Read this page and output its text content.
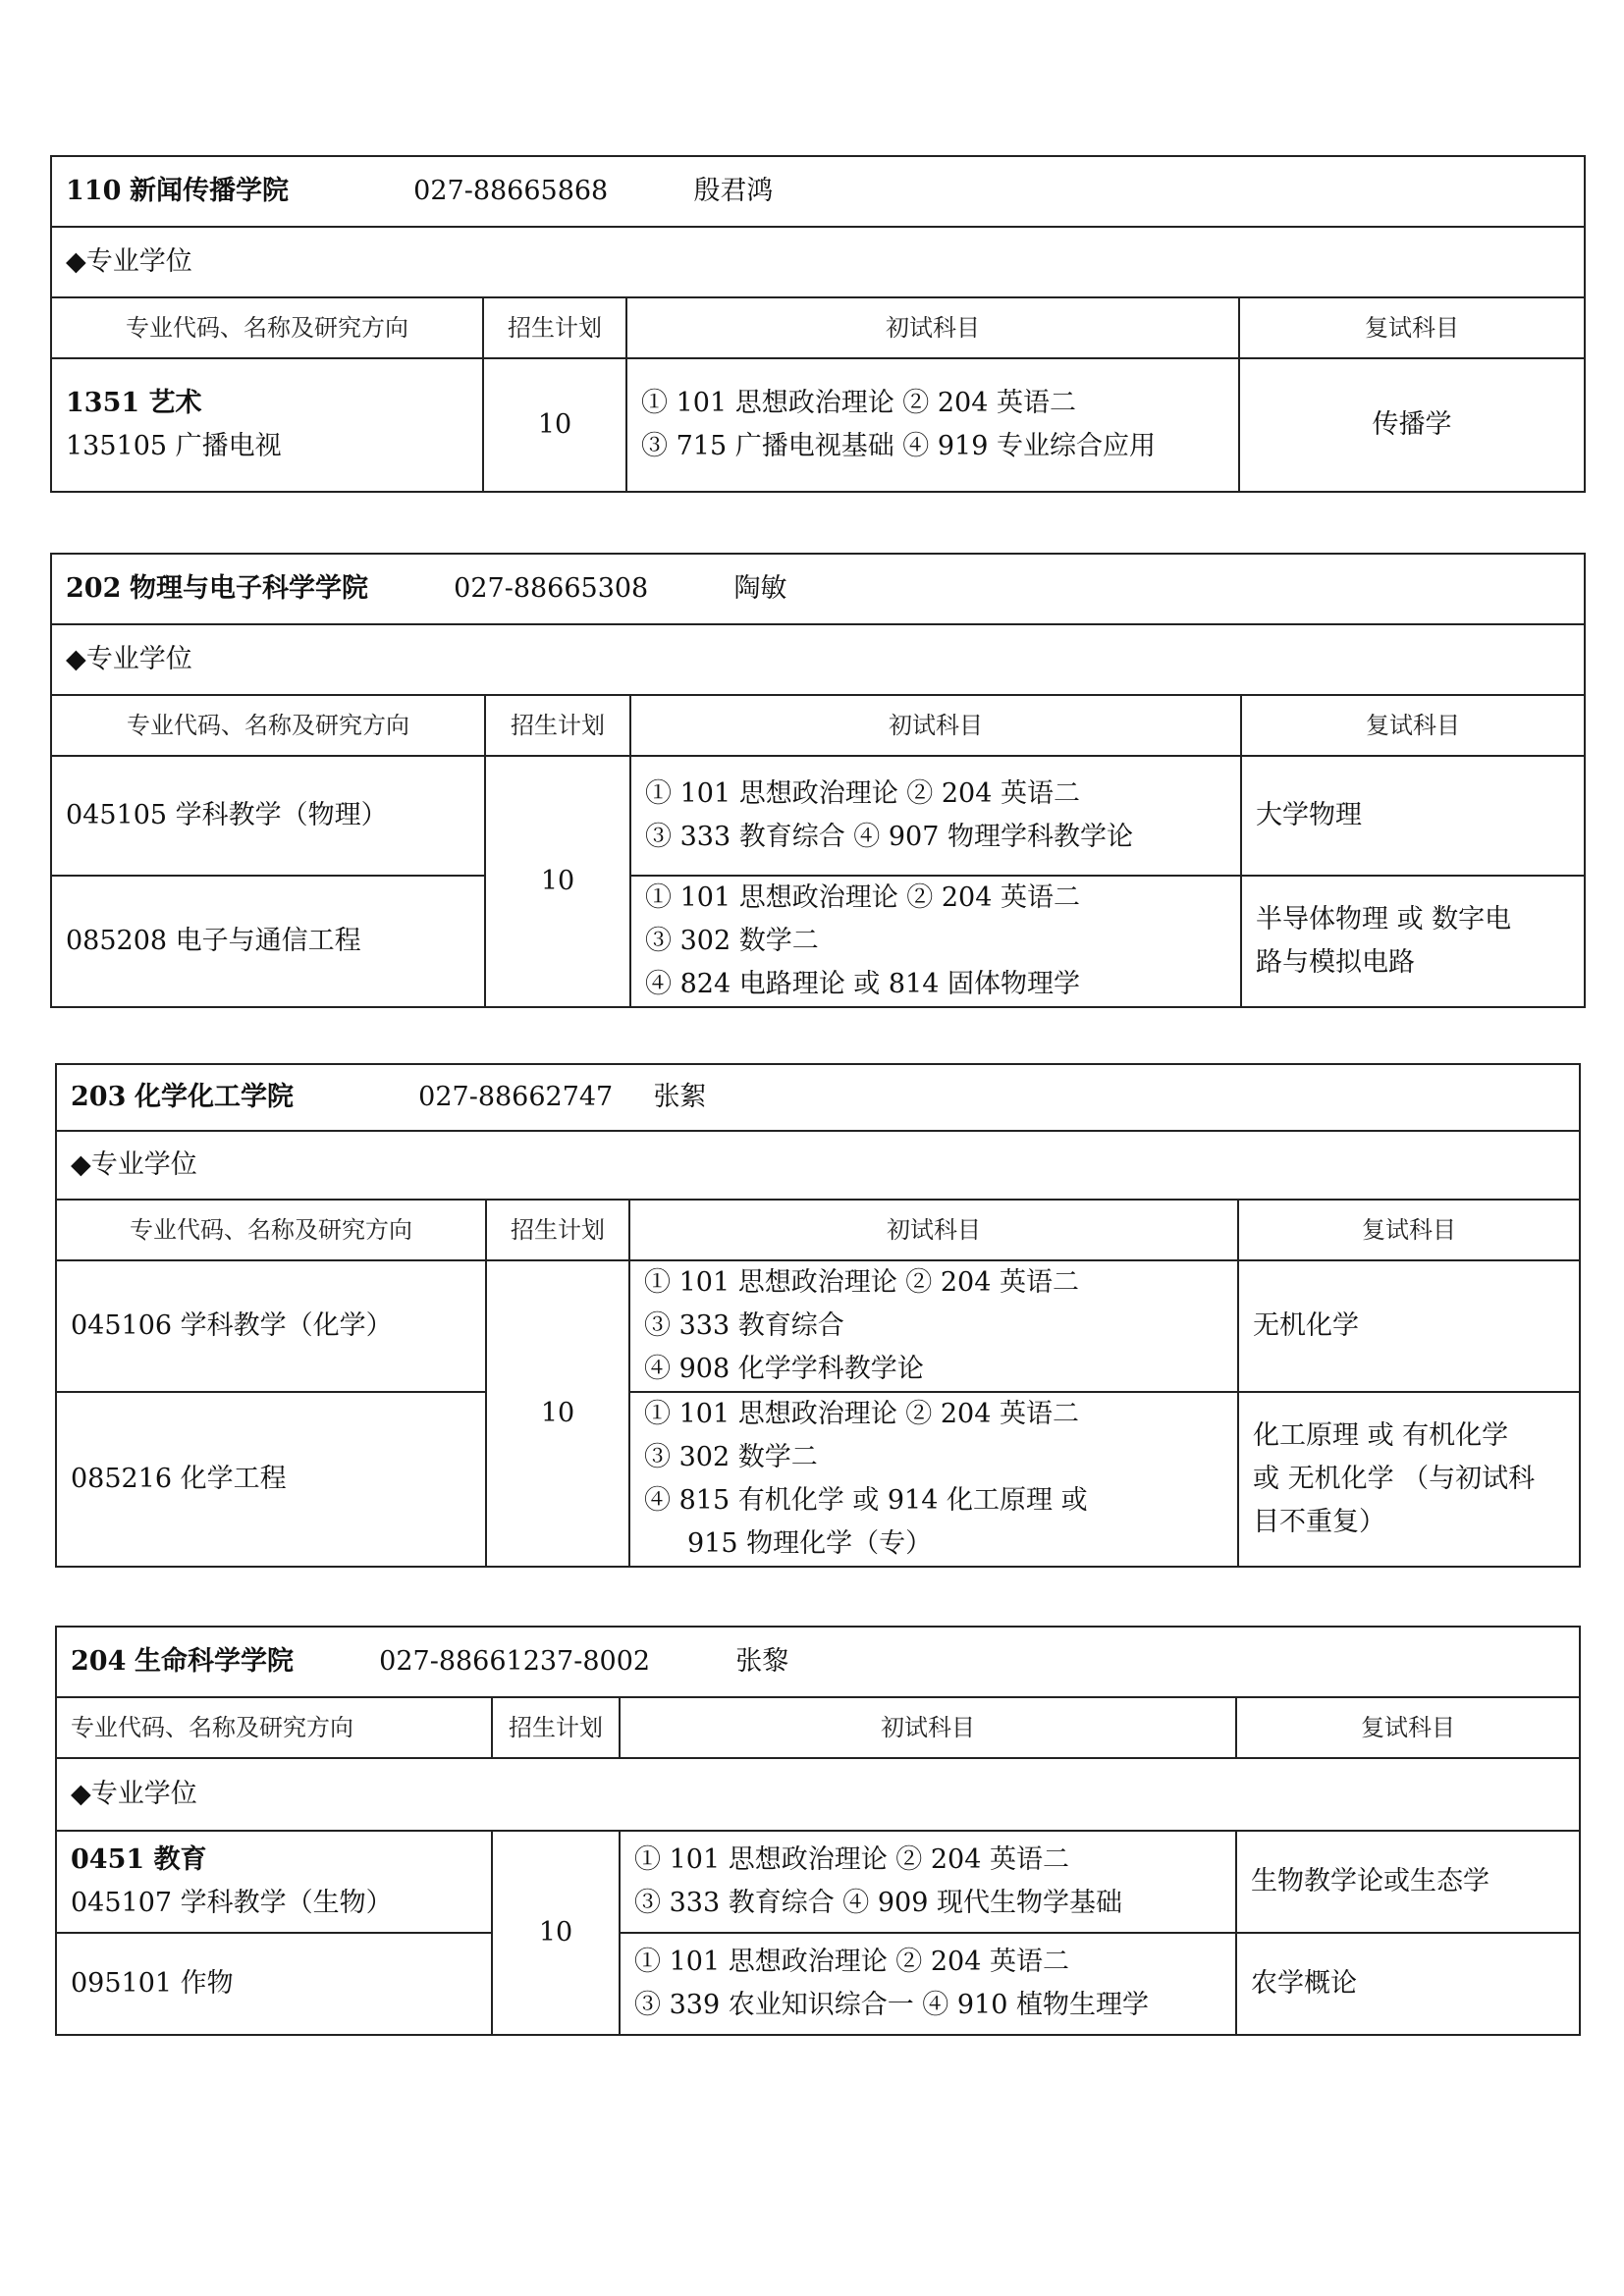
110 新闻传播学院 027-88665868 殷君鸿			
◆专业学位			
专业代码、名称及研究方向	招生计划	初试科目	复试科目

1351 艺术
135105 广播电视	10	① 101 思想政治理论 ② 204 英语二
③ 715 广播电视基础 ④ 919 专业综合应用	传播学
202 物理与电子科学学院 027-88665308 陶敏			
◆专业学位			
专业代码、名称及研究方向	招生计划	初试科目	复试科目
045105 学科教学（物理）	10	① 101 思想政治理论 ② 204 英语二
③ 333 教育综合 ④ 907 物理学科教学论	大学物理
085208 电子与通信工程		① 101 思想政治理论 ② 204 英语二
③ 302 数学二
④ 824 电路理论 或 814 固体物理学	半导体物理 或 数字电
路与模拟电路
203 化学化工学院 027-88662747 张絮			
◆专业学位			
专业代码、名称及研究方向	招生计划	初试科目	复试科目
045106 学科教学（化学）	10	① 101 思想政治理论 ② 204 英语二
③ 333 教育综合
④ 908 化学学科教学论	无机化学
085216 化学工程		① 101 思想政治理论 ② 204 英语二
③ 302 数学二
④ 815 有机化学 或 914 化工原理 或
915 物理化学（专）	化工原理 或 有机化学
或 无机化学 （与初试科
目不重复）
204 生命科学学院 027-88661237-8002 张黎			
专业代码、名称及研究方向	招生计划	初试科目	复试科目
◆专业学位			

0451 教育
045107 学科教学（生物）	10	① 101 思想政治理论 ② 204 英语二
③ 333 教育综合 ④ 909 现代生物学基础	生物教学论或生态学
095101 作物		① 101 思想政治理论 ② 204 英语二
③ 339 农业知识综合一 ④ 910 植物生理学	农学概论
